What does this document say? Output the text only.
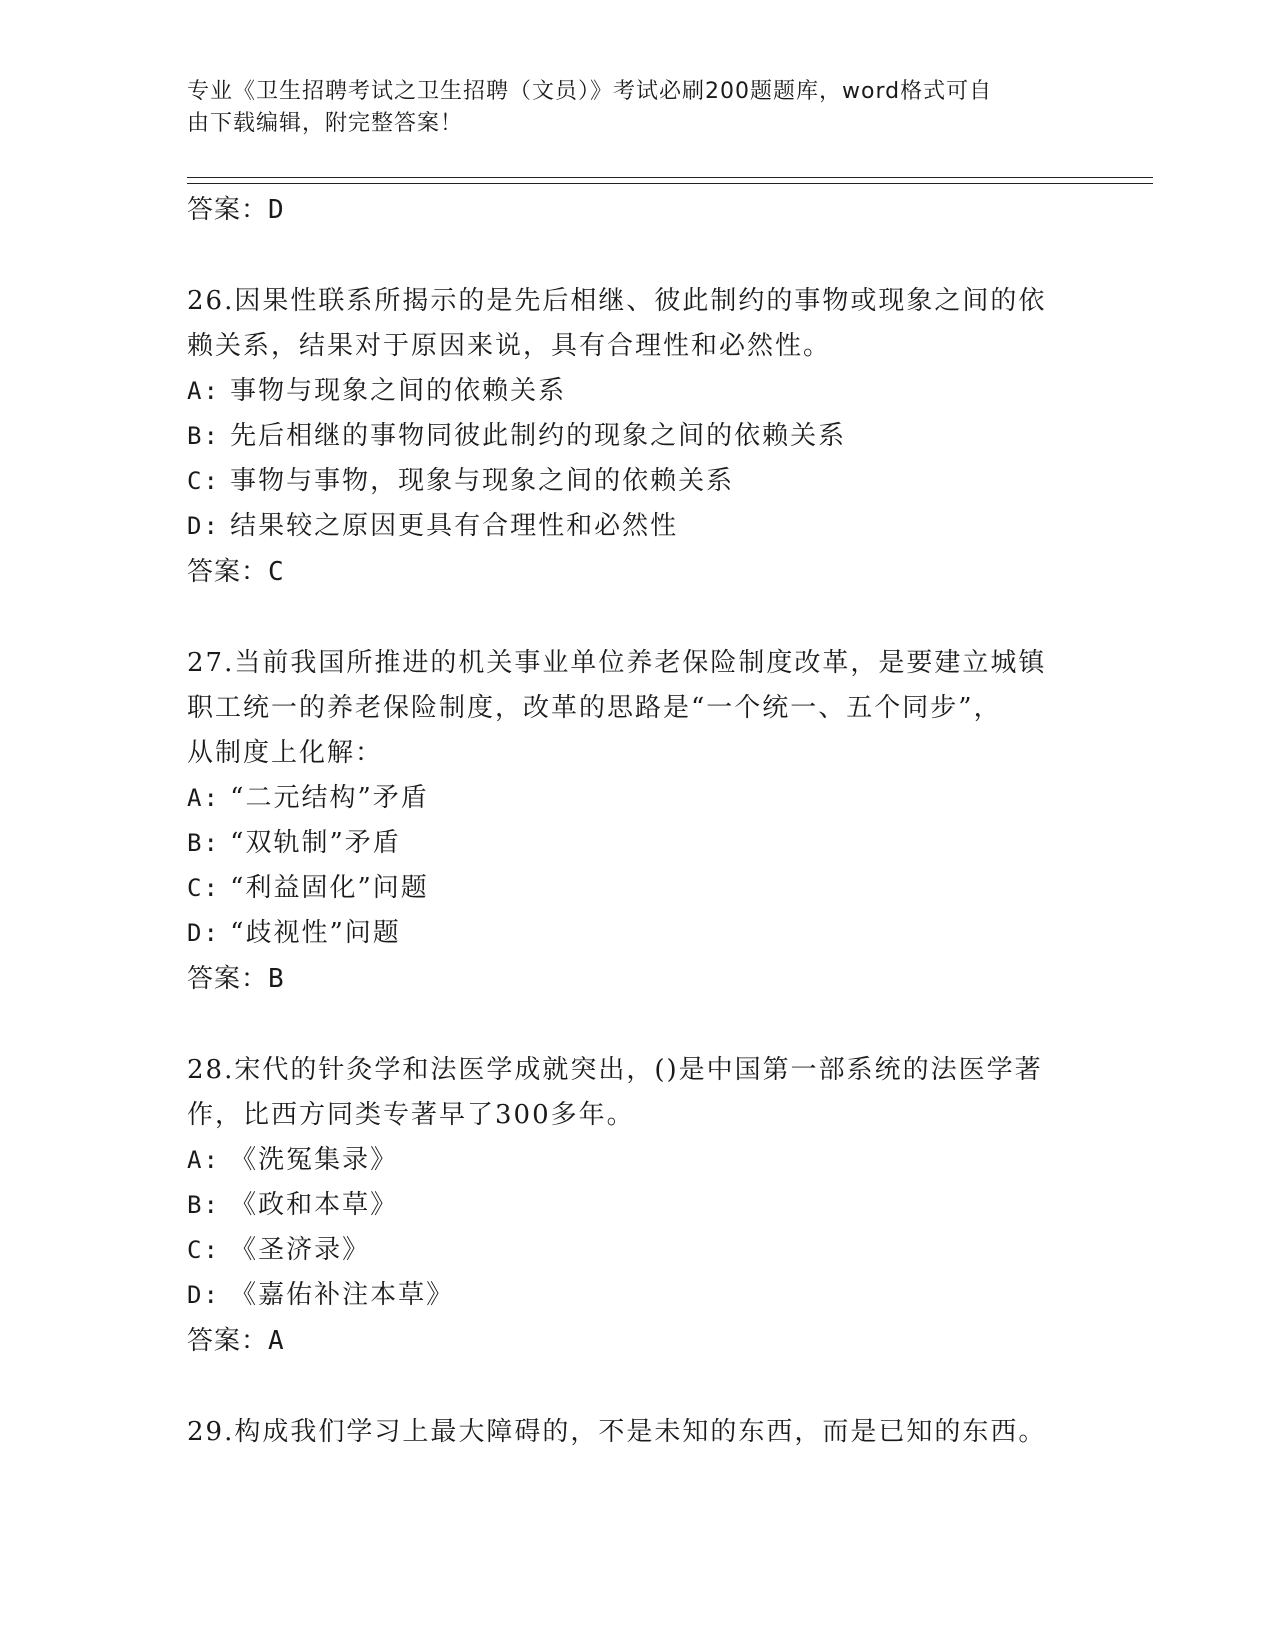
专业《卫生招聘考试之卫生招聘（文员）》考试必刷200题题库，word格式可自
由下载编辑，附完整答案！

答案：D

26.因果性联系所揭示的是先后相继、彼此制约的事物或现象之间的依

赖关系，结果对于原因来说，具有合理性和必然性。

A: 事物与现象之间的依赖关系

B: 先后相继的事物同彼此制约的现象之间的依赖关系

C: 事物与事物，现象与现象之间的依赖关系

D: 结果较之原因更具有合理性和必然性

答案：C

27.当前我国所推进的机关事业单位养老保险制度改革，是要建立城镇

职工统一的养老保险制度，改革的思路是“一个统一、五个同步”，

从制度上化解：

A: “二元结构”矛盾

B: “双轨制”矛盾

C: “利益固化”问题

D: “歧视性”问题

答案：B

28.宋代的针灸学和法医学成就突出，()是中国第一部系统的法医学著

作，比西方同类专著早了300多年。

A: 《洗冤集录》

B: 《政和本草》

C: 《圣济录》

D: 《嘉佑补注本草》

答案：A

29.构成我们学习上最大障碍的，不是未知的东西，而是已知的东西。
